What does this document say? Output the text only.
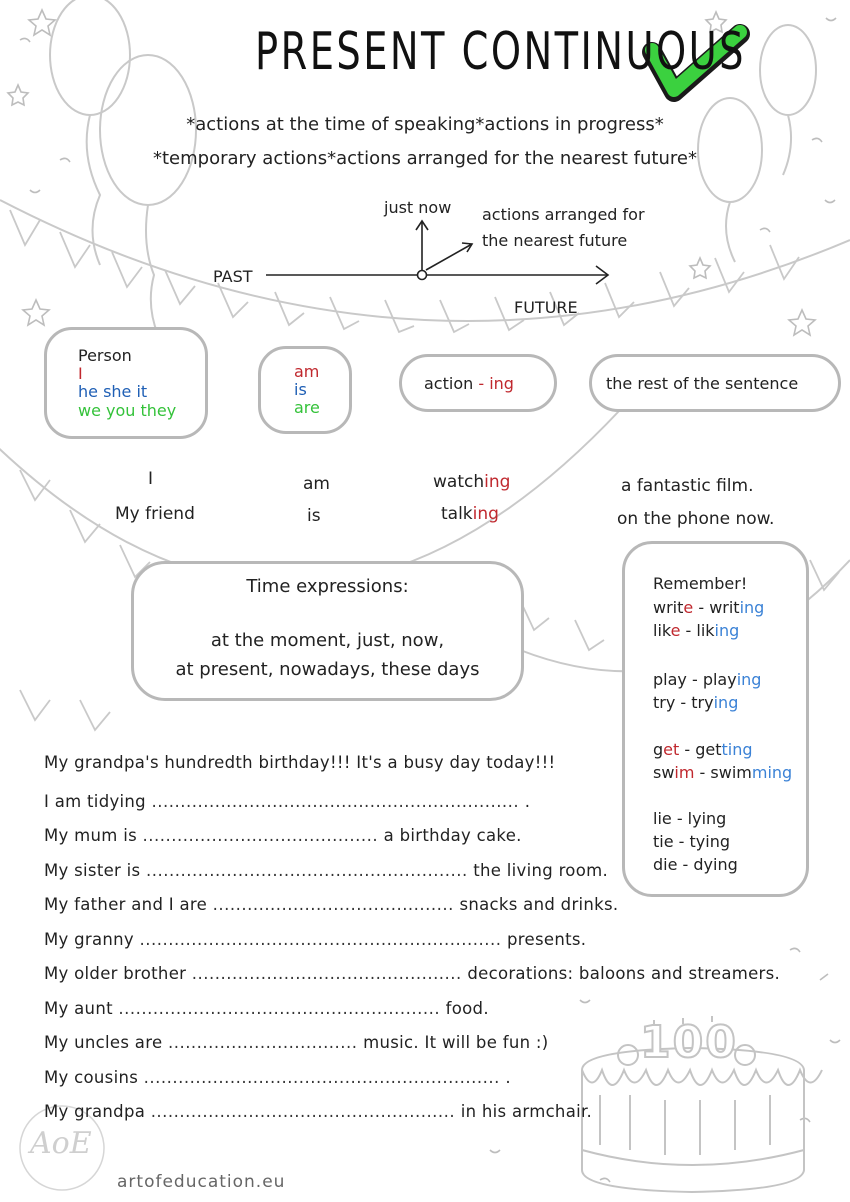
PRESENT CONTINUOUS
*actions at the time of speaking*actions in progress*
*temporary actions*actions arranged for the nearest future*
just now actions arranged for
the nearest future
PAST
FUTURE
Person
I
he she it
we you they
am
is
are
action - ing	the rest of the sentence
I	am	watching	a fantastic film.
My friend	is	talking	on the phone now.
Time expressions:
at the moment, just, now,
at present, nowadays, these days
Remember!
write - writing
like - liking
play - playing
try - trying
get - getting
swim - swimming
lie - lying
tie - tying
die - dying
My grandpa's hundredth birthday!!! It's a busy day today!!!
I am tidying ................................................................ .
My mum is ......................................... a birthday cake.
My sister is ........................................................ the living room.
My father and I are .......................................... snacks and drinks.
My granny ............................................................... presents.
My older brother ............................................... decorations: baloons and streamers.
My aunt ........................................................ food.
My uncles are ................................. music. It will be fun :)
My cousins .............................................................. .
My grandpa ..................................................... in his armchair.
100
AoE
artofeducation.eu
